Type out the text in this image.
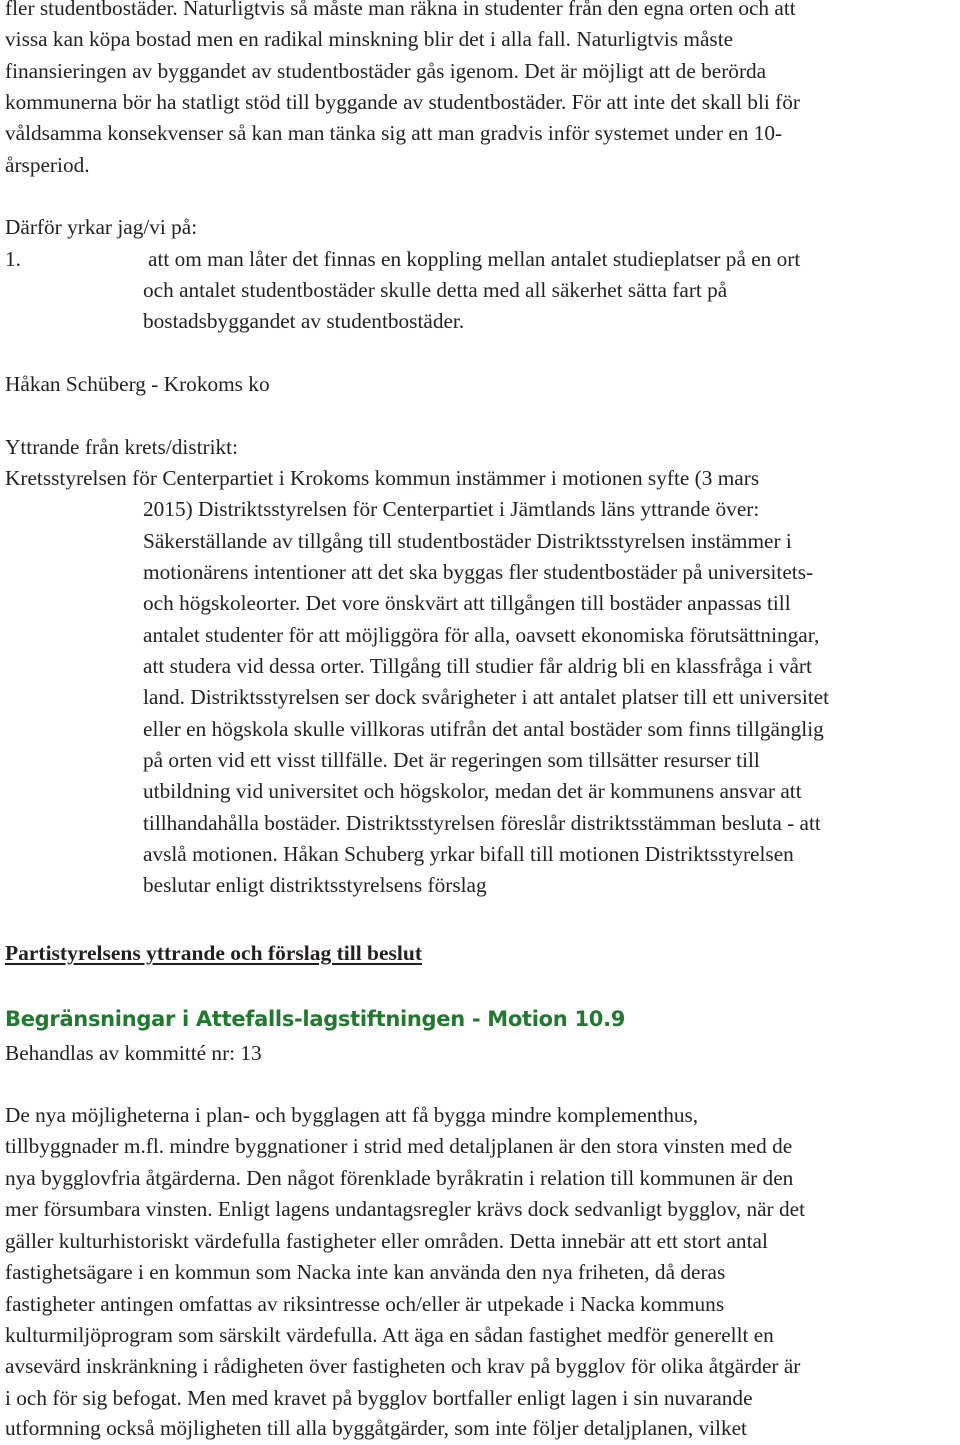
fler studentbostäder. Naturligtvis så måste man räkna in studenter från den egna orten och att

vissa kan köpa bostad men en radikal minskning blir det i alla fall. Naturligtvis måste

finansieringen av byggandet av studentbostäder gås igenom. Det är möjligt att de berörda

kommunerna bör ha statligt stöd till byggande av studentbostäder. För att inte det skall bli för

våldsamma konsekvenser så kan man tänka sig att man gradvis inför systemet under en 10-

årsperiod.

Därför yrkar jag/vi på:

1.	att om man låter det finnas en koppling mellan antalet studieplatser på en ort

och antalet studentbostäder skulle detta med all säkerhet sätta fart på

bostadsbyggandet av studentbostäder.

Håkan Schüberg - Krokoms ko

Yttrande från krets/distrikt:

Kretsstyrelsen för Centerpartiet i Krokoms kommun instämmer i motionen syfte (3 mars

2015) Distriktsstyrelsen för Centerpartiet i Jämtlands läns yttrande över:

Säkerställande av tillgång till studentbostäder Distriktsstyrelsen instämmer i

motionärens intentioner att det ska byggas fler studentbostäder på universitets-

och högskoleorter. Det vore önskvärt att tillgången till bostäder anpassas till

antalet studenter för att möjliggöra för alla, oavsett ekonomiska förutsättningar,

att studera vid dessa orter. Tillgång till studier får aldrig bli en klassfråga i vårt

land. Distriktsstyrelsen ser dock svårigheter i att antalet platser till ett universitet

eller en högskola skulle villkoras utifrån det antal bostäder som finns tillgänglig

på orten vid ett visst tillfälle. Det är regeringen som tillsätter resurser till

utbildning vid universitet och högskolor, medan det är kommunens ansvar att

tillhandahålla bostäder. Distriktsstyrelsen föreslår distriktsstämman besluta - att

avslå motionen. Håkan Schuberg yrkar bifall till motionen Distriktsstyrelsen

beslutar enligt distriktsstyrelsens förslag

Partistyrelsens yttrande och förslag till beslut

Begränsningar i Attefalls-lagstiftningen - Motion 10.9

Behandlas av kommitté nr: 13

De nya möjligheterna i plan- och bygglagen att få bygga mindre komplementhus,

tillbyggnader m.fl. mindre byggnationer i strid med detaljplanen är den stora vinsten med de

nya bygglovfria åtgärderna. Den något förenklade byråkratin i relation till kommunen är den

mer försumbara vinsten. Enligt lagens undantagsregler krävs dock sedvanligt bygglov, när det

gäller kulturhistoriskt värdefulla fastigheter eller områden. Detta innebär att ett stort antal

fastighetsägare i en kommun som Nacka inte kan använda den nya friheten, då deras

fastigheter antingen omfattas av riksintresse och/eller är utpekade i Nacka kommuns

kulturmiljöprogram som särskilt värdefulla. Att äga en sådan fastighet medför generellt en

avsevärd inskränkning i rådigheten över fastigheten och krav på bygglov för olika åtgärder är

i och för sig befogat. Men med kravet på bygglov bortfaller enligt lagen i sin nuvarande

utformning också möjligheten till alla byggåtgärder, som inte följer detaljplanen, vilket
